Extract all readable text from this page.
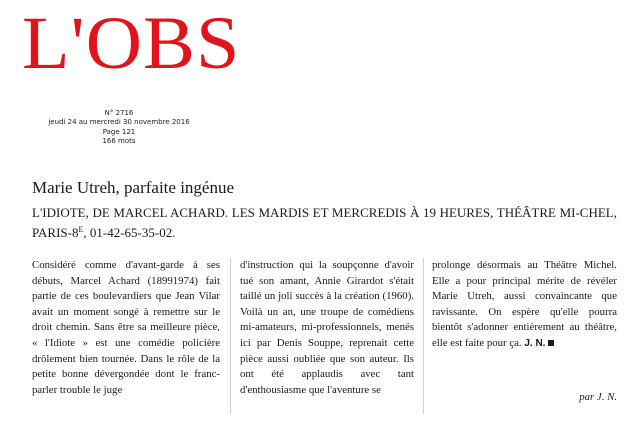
L'OBS
N° 2716
jeudi 24 au mercredi 30 novembre 2016
Page 121
166 mots
Marie Utreh, parfaite ingénue
L'IDIOTE, DE MARCEL ACHARD. LES MARDIS ET MERCREDIS À 19 HEURES, THÉÂTRE MI-CHEL, PARIS-$8^E$, 01-42-65-35-02.
Considéré comme d'avant-garde à ses débuts, Marcel Achard (18991974) fait partie de ces boulevardiers que Jean Vilar avait un moment songé à remettre sur le droit chemin. Sans être sa meilleure pièce, « l'Idiote » est une comédie policière drôlement bien tournée. Dans le rôle de la petite bonne dévergondée dont le franc-parler trouble le juge
d'instruction qui la soupçonne d'avoir tué son amant, Annie Girardot s'était taillé un joli succès à la création (1960). Voilà un an, une troupe de comédiens mi-amateurs, mi-professionnels, menés ici par Denis Souppe, reprenait cette pièce aussi oubliée que son auteur. Ils ont été applaudis avec tant d'enthousiasme que l'aventure se
prolonge désormais au Théâtre Michel. Elle a pour principal mérite de révéler Marie Utreh, aussi convaincante que ravissante. On espère qu'elle pourra bientôt s'adonner entièrement au théâtre, elle est faite pour ça. J. N.
par J. N.
